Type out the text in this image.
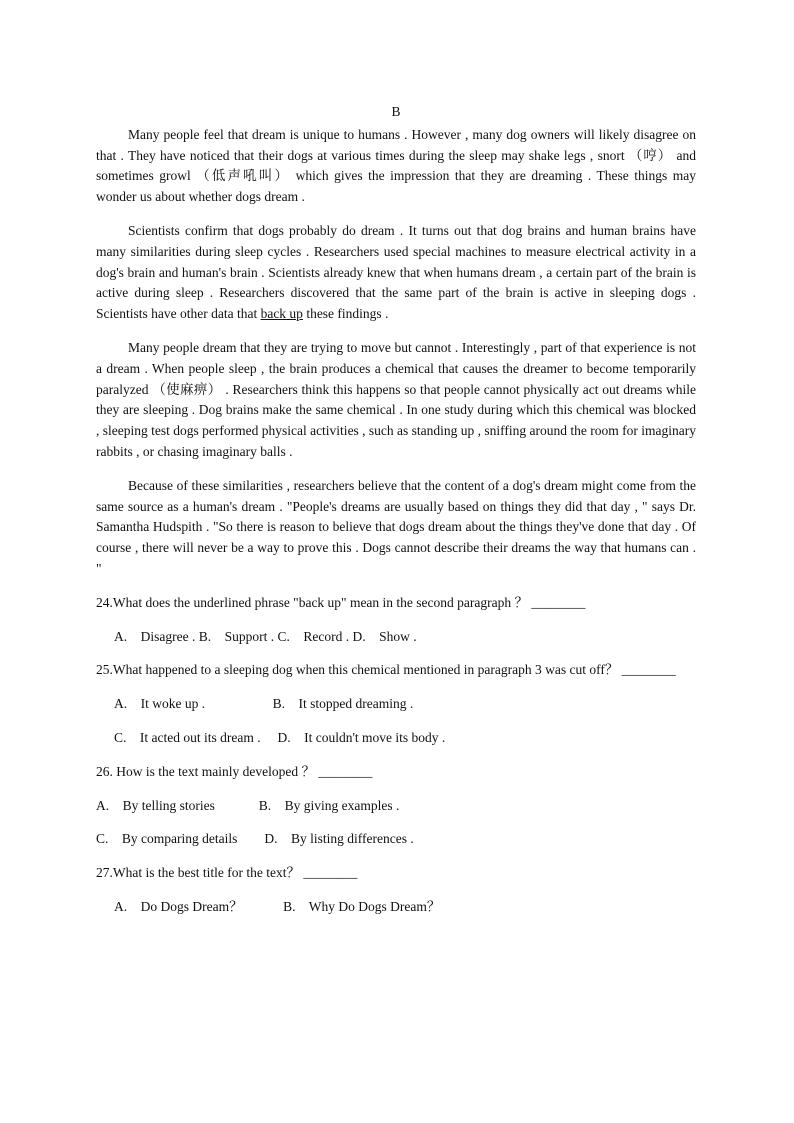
B

Many people feel that dream is unique to humans . However , many dog owners will likely disagree on that . They have noticed that their dogs at various times during the sleep may shake legs , snort （哼） and sometimes growl （低声吼叫） which gives the impression that they are dreaming . These things may wonder us about whether dogs dream .

Scientists confirm that dogs probably do dream . It turns out that dog brains and human brains have many similarities during sleep cycles . Researchers used special machines to measure electrical activity in a dog's brain and human's brain . Scientists already knew that when humans dream , a certain part of the brain is active during sleep . Researchers discovered that the same part of the brain is active in sleeping dogs . Scientists have other data that back up these findings .

Many people dream that they are trying to move but cannot . Interestingly , part of that experience is not a dream . When people sleep , the brain produces a chemical that causes the dreamer to become temporarily paralyzed （使麻痹） . Researchers think this happens so that people cannot physically act out dreams while they are sleeping . Dog brains make the same chemical . In one study during which this chemical was blocked , sleeping test dogs performed physical activities , such as standing up , sniffing around the room for imaginary rabbits , or chasing imaginary balls .

Because of these similarities , researchers believe that the content of a dog's dream might come from the same source as a human's dream . "People's dreams are usually based on things they did that day , " says Dr. Samantha Hudspith . "So there is reason to believe that dogs dream about the things they've done that day . Of course , there will never be a way to prove this . Dogs cannot describe their dreams the way that humans can . "

24.What does the underlined phrase "back up" mean in the second paragraph ？ ________
A.    Disagree . B.    Support . C.    Record . D.    Show .
25.What happened to a sleeping dog when this chemical mentioned in paragraph 3 was cut off？ ________
A.    It woke up .                    B.    It stopped dreaming .
C.    It acted out its dream .     D.    It couldn't move its body .
26. How is the text mainly developed ？ ________
A.    By telling stories             B.    By giving examples .
C.    By comparing details        D.    By listing differences .
27.What is the best title for the text？ ________
A.    Do Dogs Dream？            B.    Why Do Dogs Dream？
